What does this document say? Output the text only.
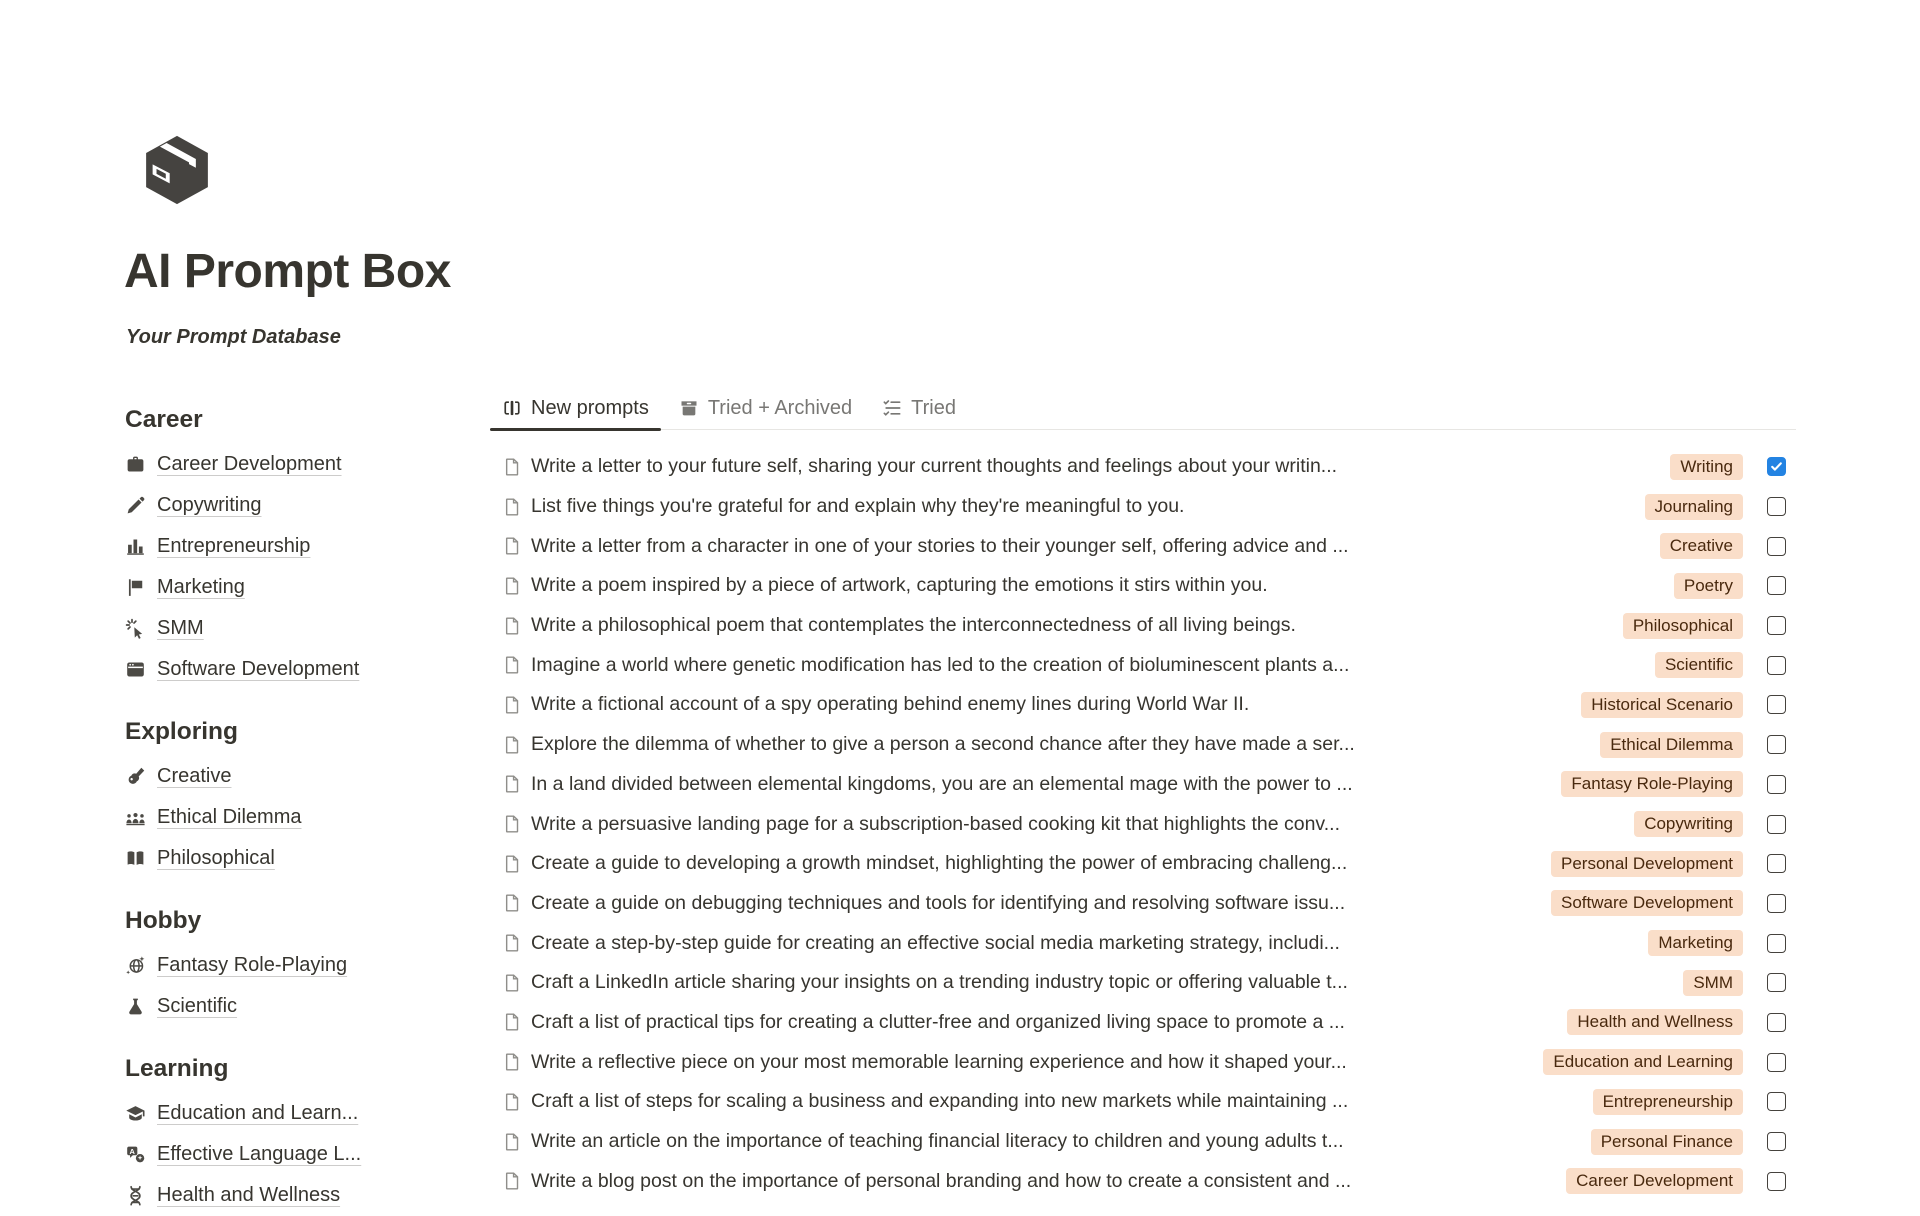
AI Prompt Box
Your Prompt Database
Career
Career Development
Copywriting
Entrepreneurship
Marketing
SMM
Software Development
Exploring
Creative
Ethical Dilemma
Philosophical
Hobby
Fantasy Role-Playing
Scientific
Learning
Education and Learn...
A Effective Language L...
Health and Wellness
New prompts	Tried + Archived	Tried
Write a letter to your future self, sharing your current thoughts and feelings about your writin...	Writing
List five things you're grateful for and explain why they're meaningful to you.	Journaling
Write a letter from a character in one of your stories to their younger self, offering advice and ...	Creative
Write a poem inspired by a piece of artwork, capturing the emotions it stirs within you.	Poetry
Write a philosophical poem that contemplates the interconnectedness of all living beings.	Philosophical
Imagine a world where genetic modification has led to the creation of bioluminescent plants a...	Scientific
Write a fictional account of a spy operating behind enemy lines during World War II.	Historical Scenario
Explore the dilemma of whether to give a person a second chance after they have made a ser...	Ethical Dilemma
In a land divided between elemental kingdoms, you are an elemental mage with the power to ...	Fantasy Role-Playing
Write a persuasive landing page for a subscription-based cooking kit that highlights the conv...	Copywriting
Create a guide to developing a growth mindset, highlighting the power of embracing challeng...	Personal Development
Create a guide on debugging techniques and tools for identifying and resolving software issu...	Software Development
Create a step-by-step guide for creating an effective social media marketing strategy, includi...	Marketing
Craft a LinkedIn article sharing your insights on a trending industry topic or offering valuable t...	SMM
Craft a list of practical tips for creating a clutter-free and organized living space to promote a ...	Health and Wellness
Write a reflective piece on your most memorable learning experience and how it shaped your...	Education and Learning
Craft a list of steps for scaling a business and expanding into new markets while maintaining ...	Entrepreneurship
Write an article on the importance of teaching financial literacy to children and young adults t...	Personal Finance
Write a blog post on the importance of personal branding and how to create a consistent and ...	Career Development
